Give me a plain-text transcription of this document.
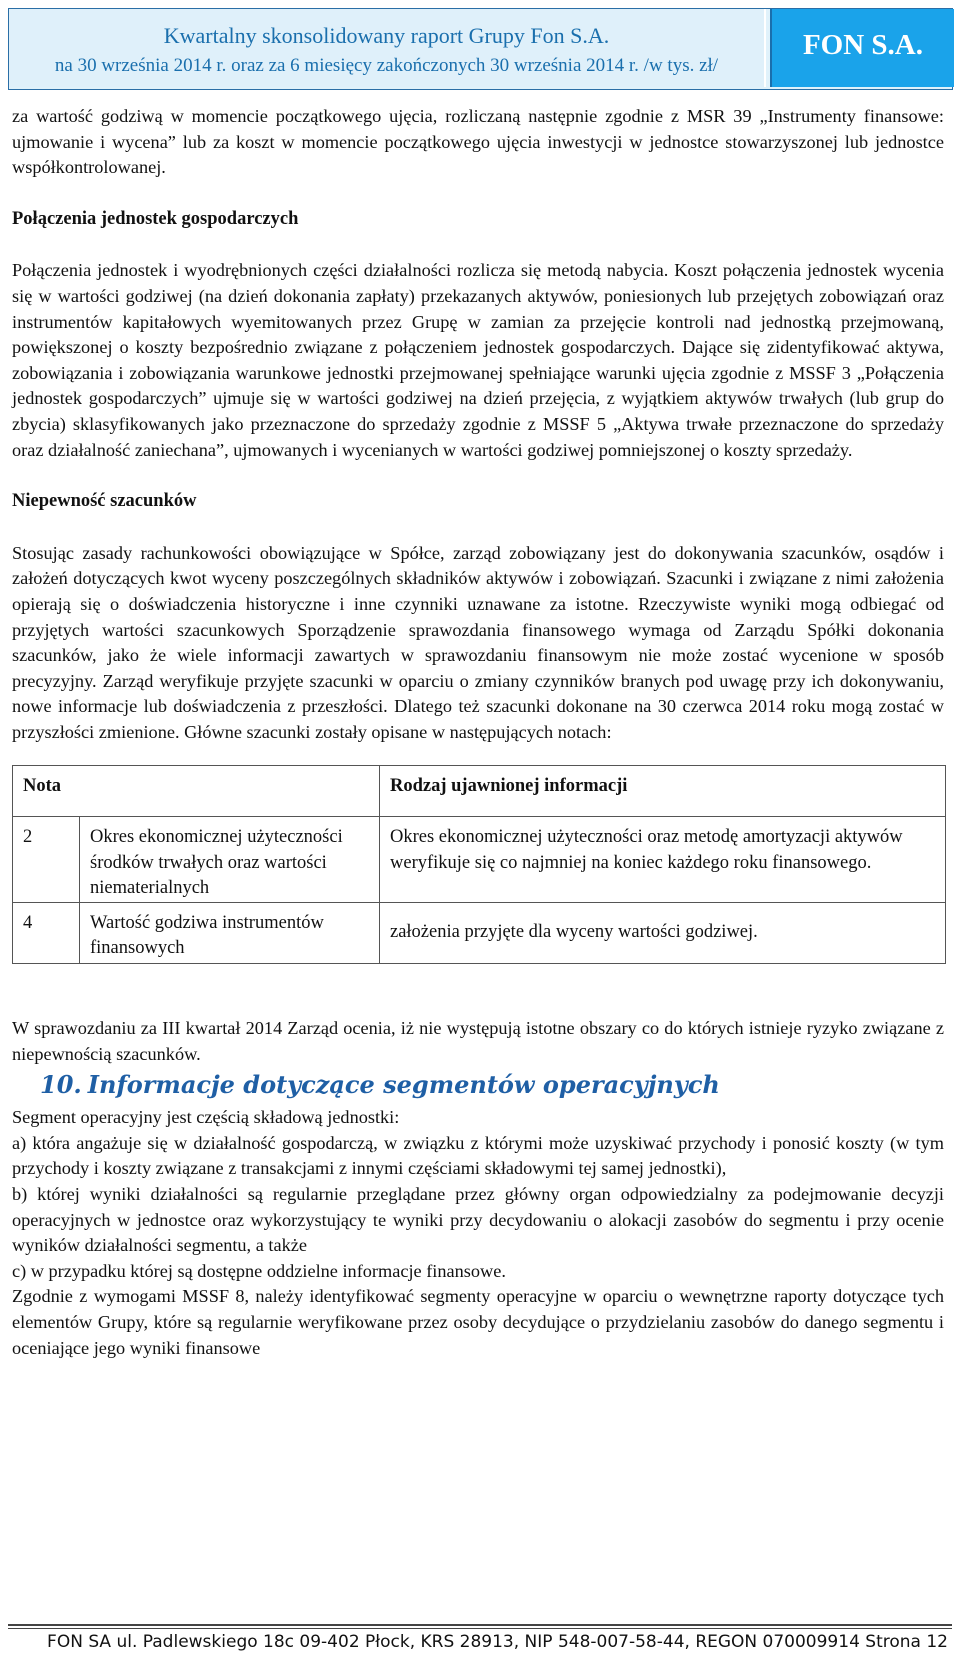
Kwartalny skonsolidowany raport Grupy Fon S.A.
na 30 września 2014 r. oraz za 6 miesięcy zakończonych 30 września 2014 r. /w tys. zł/
FON S.A.

za wartość godziwą w momencie początkowego ujęcia, rozliczaną następnie zgodnie z MSR 39 „Instrumenty finansowe: ujmowanie i wycena” lub za koszt w momencie początkowego ujęcia inwestycji w jednostce stowarzyszonej lub jednostce współkontrolowanej.

Połączenia jednostek gospodarczych

Połączenia jednostek i wyodrębnionych części działalności rozlicza się metodą nabycia. Koszt połączenia jednostek wycenia się w wartości godziwej (na dzień dokonania zapłaty) przekazanych aktywów, poniesionych lub przejętych zobowiązań oraz instrumentów kapitałowych wyemitowanych przez Grupę w zamian za przejęcie kontroli nad jednostką przejmowaną, powiększonej o koszty bezpośrednio związane z połączeniem jednostek gospodarczych. Dające się zidentyfikować aktywa, zobowiązania i zobowiązania warunkowe jednostki przejmowanej spełniające warunki ujęcia zgodnie z MSSF 3 „Połączenia jednostek gospodarczych” ujmuje się w wartości godziwej na dzień przejęcia, z wyjątkiem aktywów trwałych (lub grup do zbycia) sklasyfikowanych jako przeznaczone do sprzedaży zgodnie z MSSF 5 „Aktywa trwałe przeznaczone do sprzedaży oraz działalność zaniechana”, ujmowanych i wycenianych w wartości godziwej pomniejszonej o koszty sprzedaży.

Niepewność szacunków

Stosując zasady rachunkowości obowiązujące w Spółce, zarząd zobowiązany jest do dokonywania szacunków, osądów i założeń dotyczących kwot wyceny poszczególnych składników aktywów i zobowiązań. Szacunki i związane z nimi założenia opierają się o doświadczenia historyczne i inne czynniki uznawane za istotne. Rzeczywiste wyniki mogą odbiegać od przyjętych wartości szacunkowych Sporządzenie sprawozdania finansowego wymaga od Zarządu Spółki dokonania szacunków, jako że wiele informacji zawartych w sprawozdaniu finansowym nie może zostać wycenione w sposób precyzyjny. Zarząd weryfikuje przyjęte szacunki w oparciu o zmiany czynników branych pod uwagę przy ich dokonywaniu, nowe informacje lub doświadczenia z przeszłości. Dlatego też szacunki dokonane na 30 czerwca 2014 roku mogą zostać w przyszłości zmienione. Główne szacunki zostały opisane w następujących notach:

Nota		Rodzaj ujawnionej informacji
2	Okres ekonomicznej użyteczności środków trwałych oraz wartości niematerialnych	Okres ekonomicznej użyteczności oraz metodę amortyzacji aktywów weryfikuje się co najmniej na koniec każdego roku finansowego.
4	Wartość godziwa instrumentów finansowych	założenia przyjęte dla wyceny wartości godziwej.

W sprawozdaniu za III kwartał 2014 Zarząd ocenia, iż nie występują istotne obszary co do których istnieje ryzyko związane z niepewnością szacunków.

10. Informacje dotyczące segmentów operacyjnych

Segment operacyjny jest częścią składową jednostki:

a) która angażuje się w działalność gospodarczą, w związku z którymi może uzyskiwać przychody i ponosić koszty (w tym przychody i koszty związane z transakcjami z innymi częściami składowymi tej samej jednostki),

b) której wyniki działalności są regularnie przeglądane przez główny organ odpowiedzialny za podejmowanie decyzji operacyjnych w jednostce oraz wykorzystujący te wyniki przy decydowaniu o alokacji zasobów do segmentu i przy ocenie wyników działalności segmentu, a także

c) w przypadku której są dostępne oddzielne informacje finansowe.

Zgodnie z wymogami MSSF 8, należy identyfikować segmenty operacyjne w oparciu o wewnętrzne raporty dotyczące tych elementów Grupy, które są regularnie weryfikowane przez osoby decydujące o przydzielaniu zasobów do danego segmentu i oceniające jego wyniki finansowe

FON SA ul. Padlewskiego 18c 09-402 Płock, KRS 28913, NIP 548-007-58-44, REGON 070009914 Strona 12
